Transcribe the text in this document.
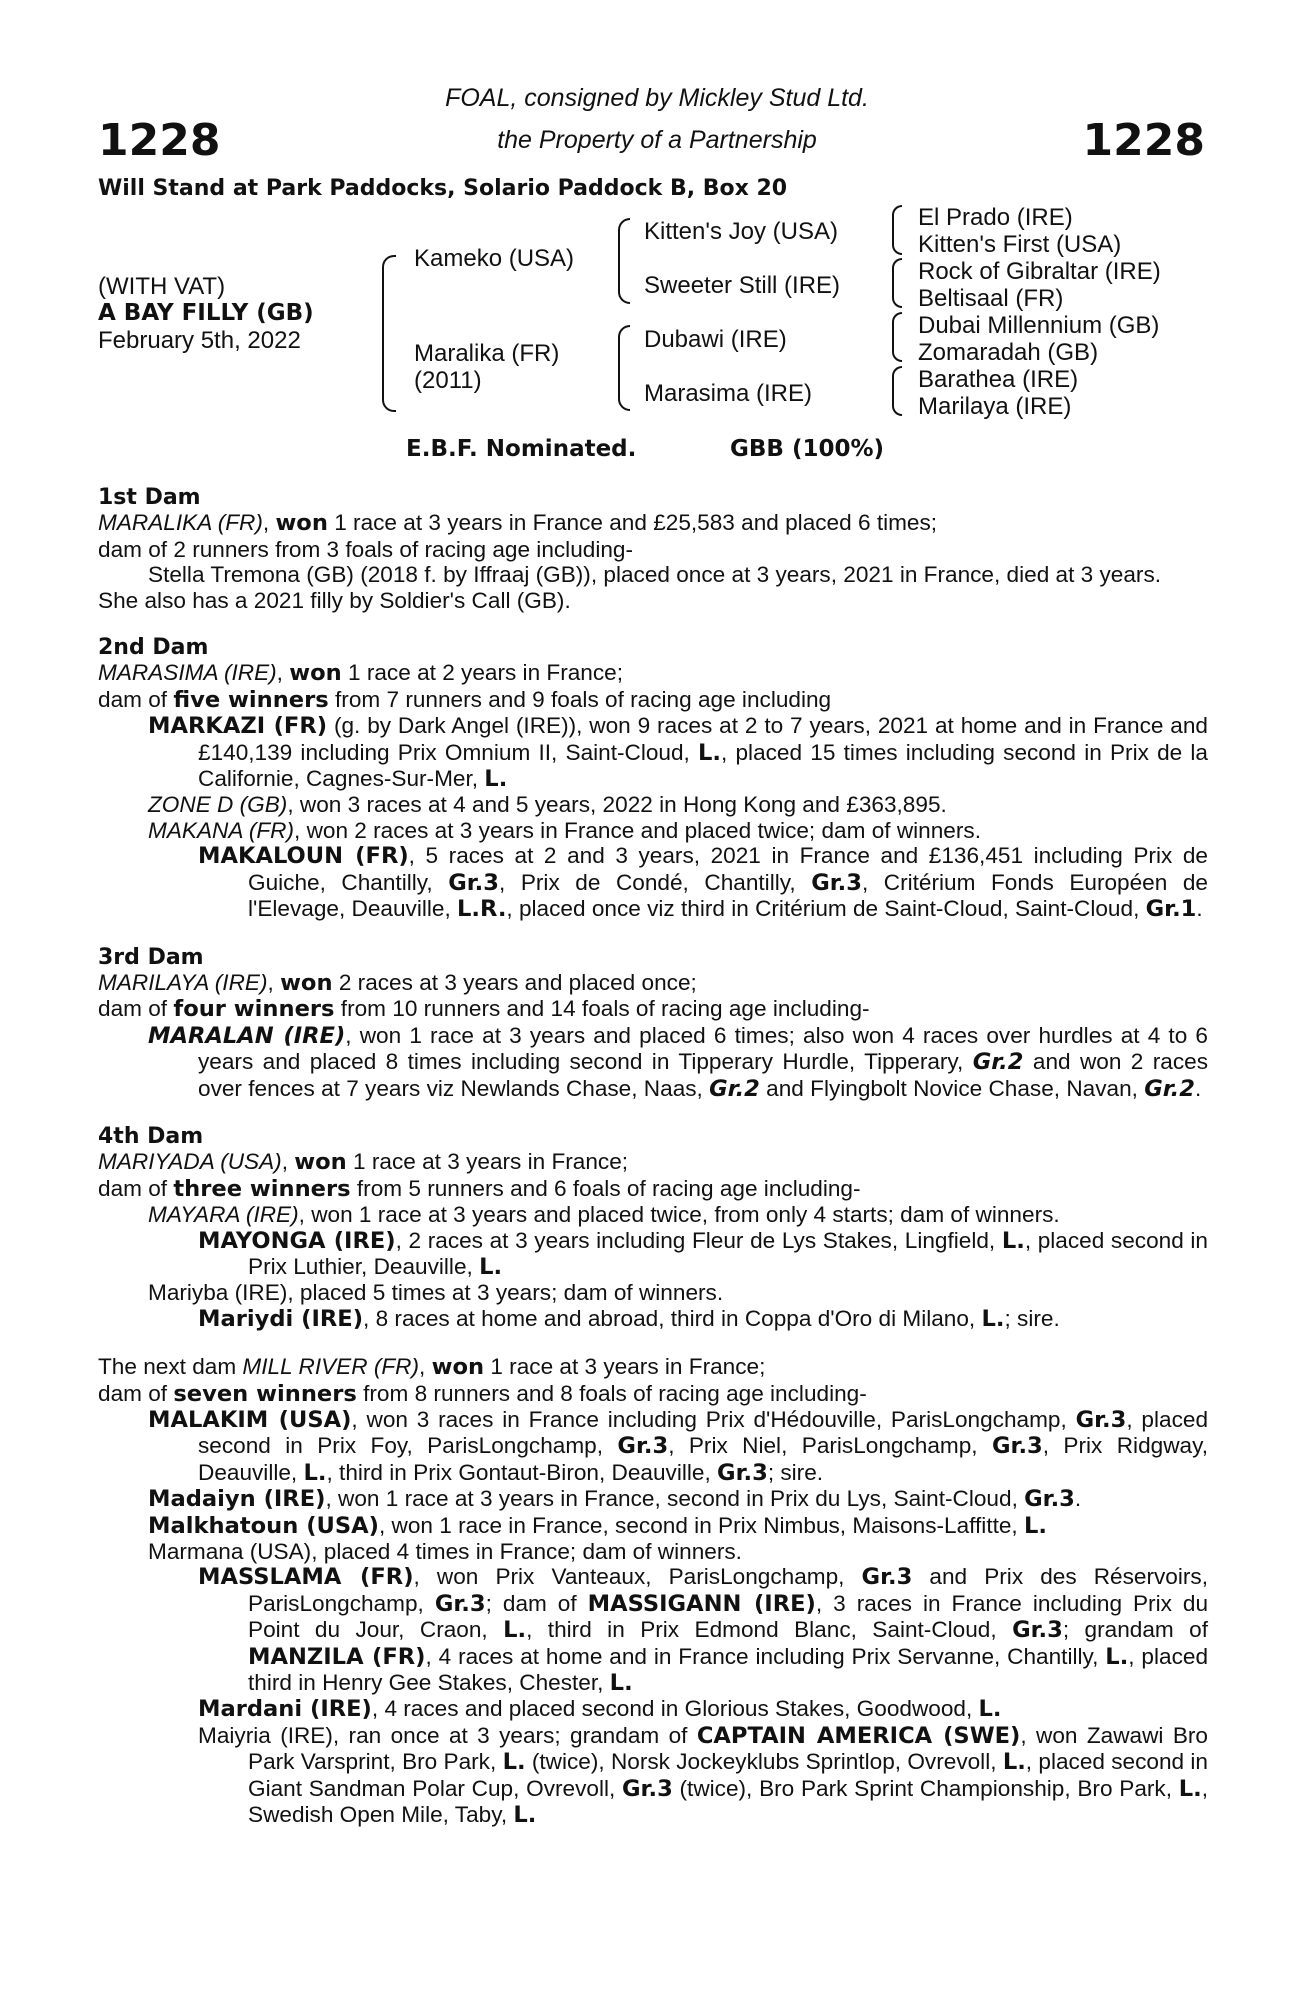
1228	1228
FOAL, consigned by Mickley Stud Ltd.
the Property of a Partnership
Will Stand at Park Paddocks, Solario Paddock B, Box 20
(WITH VAT)
A BAY FILLY (GB)
February 5th, 2022
Kameko (USA)
Maralika (FR)
(2011)
Kitten's Joy (USA)
Sweeter Still (IRE)
Dubawi (IRE)
Marasima (IRE)
El Prado (IRE)
Kitten's First (USA)
Rock of Gibraltar (IRE)
Beltisaal (FR)
Dubai Millennium (GB)
Zomaradah (GB)
Barathea (IRE)
Marilaya (IRE)
E.B.F. Nominated.	GBB (100%)
1st Dam
MARALIKA (FR), won 1 race at 3 years in France and £25,583 and placed 6 times;
dam of 2 runners from 3 foals of racing age including-
Stella Tremona (GB) (2018 f. by Iffraaj (GB)), placed once at 3 years, 2021 in France, died at 3 years.
She also has a 2021 filly by Soldier's Call (GB).
2nd Dam
MARASIMA (IRE), won 1 race at 2 years in France;
dam of five winners from 7 runners and 9 foals of racing age including
MARKAZI (FR) (g. by Dark Angel (IRE)), won 9 races at 2 to 7 years, 2021 at home and in France and £140,139 including Prix Omnium II, Saint-Cloud, L., placed 15 times including second in Prix de la Californie, Cagnes-Sur-Mer, L.
ZONE D (GB), won 3 races at 4 and 5 years, 2022 in Hong Kong and £363,895.
MAKANA (FR), won 2 races at 3 years in France and placed twice; dam of winners.
MAKALOUN (FR), 5 races at 2 and 3 years, 2021 in France and £136,451 including Prix de Guiche, Chantilly, Gr.3, Prix de Condé, Chantilly, Gr.3, Critérium Fonds Européen de l'Elevage, Deauville, L.R., placed once viz third in Critérium de Saint-Cloud, Saint-Cloud, Gr.1.
3rd Dam
MARILAYA (IRE), won 2 races at 3 years and placed once;
dam of four winners from 10 runners and 14 foals of racing age including-
MARALAN (IRE), won 1 race at 3 years and placed 6 times; also won 4 races over hurdles at 4 to 6 years and placed 8 times including second in Tipperary Hurdle, Tipperary, Gr.2 and won 2 races over fences at 7 years viz Newlands Chase, Naas, Gr.2 and Flyingbolt Novice Chase, Navan, Gr.2.
4th Dam
MARIYADA (USA), won 1 race at 3 years in France;
dam of three winners from 5 runners and 6 foals of racing age including-
MAYARA (IRE), won 1 race at 3 years and placed twice, from only 4 starts; dam of winners.
MAYONGA (IRE), 2 races at 3 years including Fleur de Lys Stakes, Lingfield, L., placed second in Prix Luthier, Deauville, L.
Mariyba (IRE), placed 5 times at 3 years; dam of winners.
Mariydi (IRE), 8 races at home and abroad, third in Coppa d'Oro di Milano, L.; sire.
The next dam MILL RIVER (FR), won 1 race at 3 years in France;
dam of seven winners from 8 runners and 8 foals of racing age including-
MALAKIM (USA), won 3 races in France including Prix d'Hédouville, ParisLongchamp, Gr.3, placed second in Prix Foy, ParisLongchamp, Gr.3, Prix Niel, ParisLongchamp, Gr.3, Prix Ridgway, Deauville, L., third in Prix Gontaut-Biron, Deauville, Gr.3; sire.
Madaiyn (IRE), won 1 race at 3 years in France, second in Prix du Lys, Saint-Cloud, Gr.3.
Malkhatoun (USA), won 1 race in France, second in Prix Nimbus, Maisons-Laffitte, L.
Marmana (USA), placed 4 times in France; dam of winners.
MASSLAMA (FR), won Prix Vanteaux, ParisLongchamp, Gr.3 and Prix des Réservoirs, ParisLongchamp, Gr.3; dam of MASSIGANN (IRE), 3 races in France including Prix du Point du Jour, Craon, L., third in Prix Edmond Blanc, Saint-Cloud, Gr.3; grandam of MANZILA (FR), 4 races at home and in France including Prix Servanne, Chantilly, L., placed third in Henry Gee Stakes, Chester, L.
Mardani (IRE), 4 races and placed second in Glorious Stakes, Goodwood, L.
Maiyria (IRE), ran once at 3 years; grandam of CAPTAIN AMERICA (SWE), won Zawawi Bro Park Varsprint, Bro Park, L. (twice), Norsk Jockeyklubs Sprintlop, Ovrevoll, L., placed second in Giant Sandman Polar Cup, Ovrevoll, Gr.3 (twice), Bro Park Sprint Championship, Bro Park, L., Swedish Open Mile, Taby, L.
